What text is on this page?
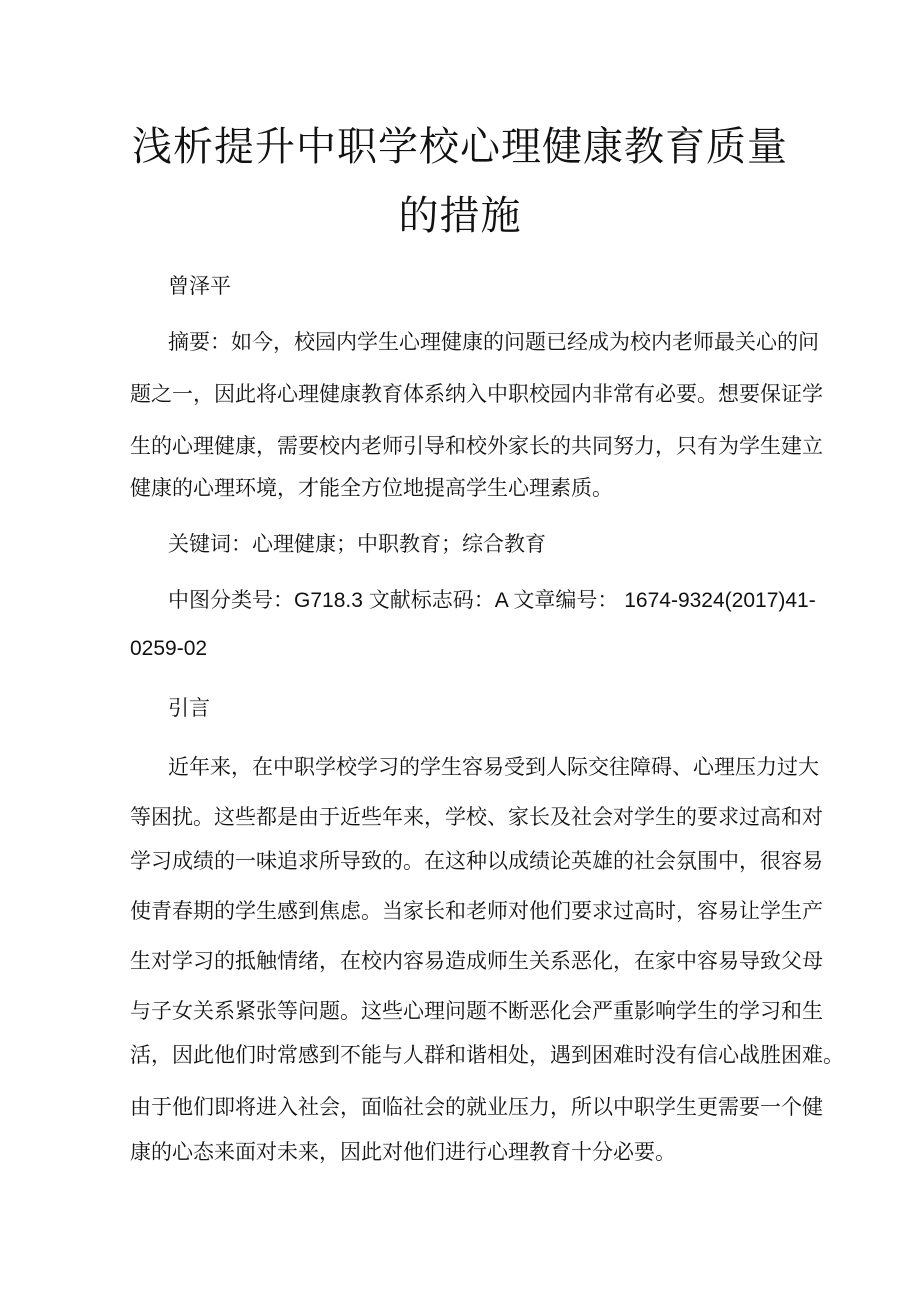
浅析提升中职学校心理健康教育质量
的措施

曾泽平

摘要：如今，校园内学生心理健康的问题已经成为校内老师最关心的问

题之一，因此将心理健康教育体系纳入中职校园内非常有必要。想要保证学

生的心理健康，需要校内老师引导和校外家长的共同努力，只有为学生建立

健康的心理环境，才能全方位地提高学生心理素质。

关键词：心理健康；中职教育；综合教育

中图分类号：G718.3 文献标志码：A 文章编号： 1674-9324(2017)41-

0259-02

引言

近年来，在中职学校学习的学生容易受到人际交往障碍、心理压力过大

等困扰。这些都是由于近些年来，学校、家长及社会对学生的要求过高和对

学习成绩的一味追求所导致的。在这种以成绩论英雄的社会氛围中，很容易

使青春期的学生感到焦虑。当家长和老师对他们要求过高时，容易让学生产

生对学习的抵触情绪，在校内容易造成师生关系恶化，在家中容易导致父母

与子女关系紧张等问题。这些心理问题不断恶化会严重影响学生的学习和生

活，因此他们时常感到不能与人群和谐相处，遇到困难时没有信心战胜困难。

由于他们即将进入社会，面临社会的就业压力，所以中职学生更需要一个健

康的心态来面对未来，因此对他们进行心理教育十分必要。
